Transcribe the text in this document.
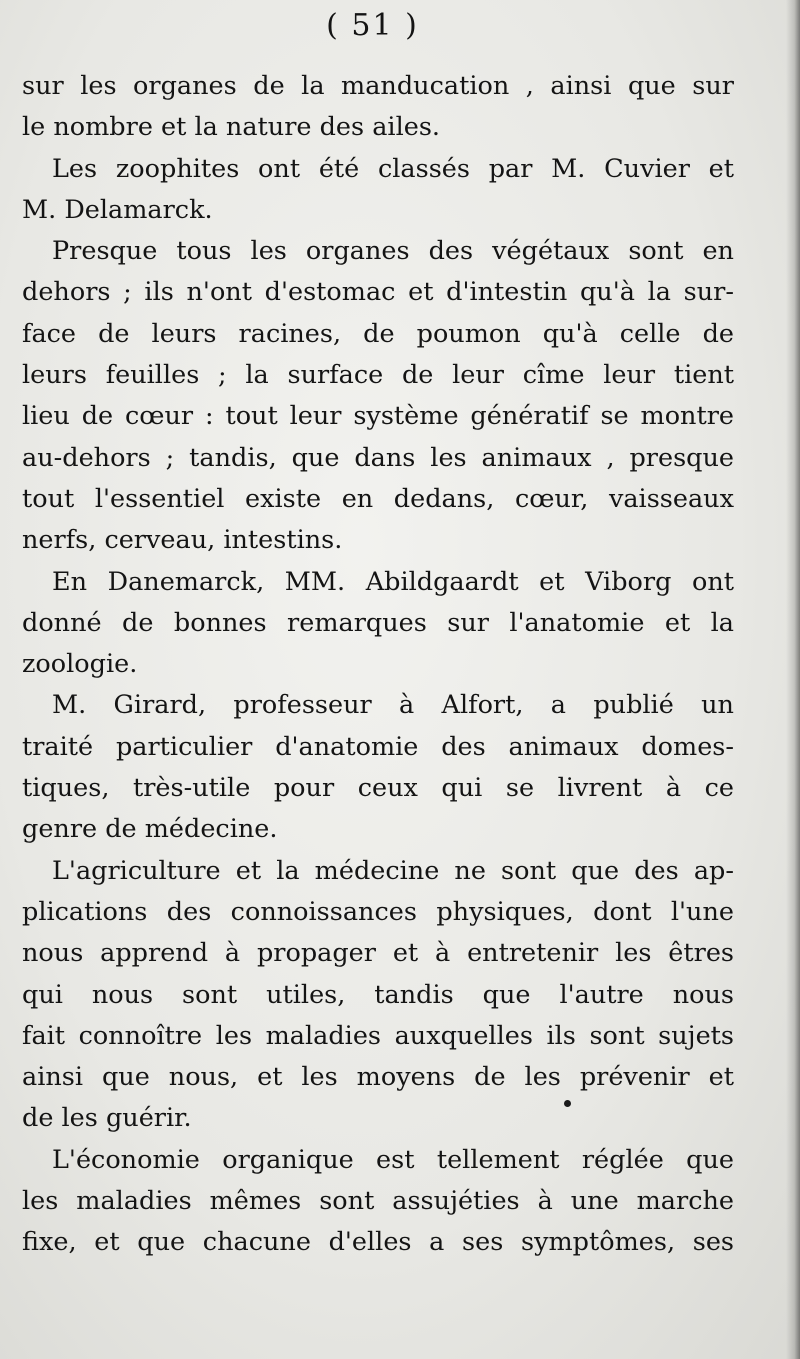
( 51 )
sur les organes de la manducation , ainsi que sur
le nombre et la nature des ailes.
Les zoophites ont été classés par M. Cuvier et
M. Delamarck.
Presque tous les organes des végétaux sont en
dehors ; ils n'ont d'estomac et d'intestin qu'à la sur-
face de leurs racines, de poumon qu'à celle de
leurs feuilles ; la surface de leur cîme leur tient
lieu de cœur : tout leur système génératif se montre
au-dehors ; tandis, que dans les animaux , presque
tout l'essentiel existe en dedans, cœur, vaisseaux
nerfs, cerveau, intestins.
En Danemarck, MM. Abildgaardt et Viborg ont
donné de bonnes remarques sur l'anatomie et la
zoologie.
M. Girard, professeur à Alfort, a publié un
traité particulier d'anatomie des animaux domes-
tiques, très-utile pour ceux qui se livrent à ce
genre de médecine.
L'agriculture et la médecine ne sont que des ap-
plications des connoissances physiques, dont l'une
nous apprend à propager et à entretenir les êtres
qui nous sont utiles, tandis que l'autre nous
fait connoître les maladies auxquelles ils sont sujets
ainsi que nous, et les moyens de les prévenir et
de les guérir.
L'économie organique est tellement réglée que
les maladies mêmes sont assujéties à une marche
fixe, et que chacune d'elles a ses symptômes, ses
